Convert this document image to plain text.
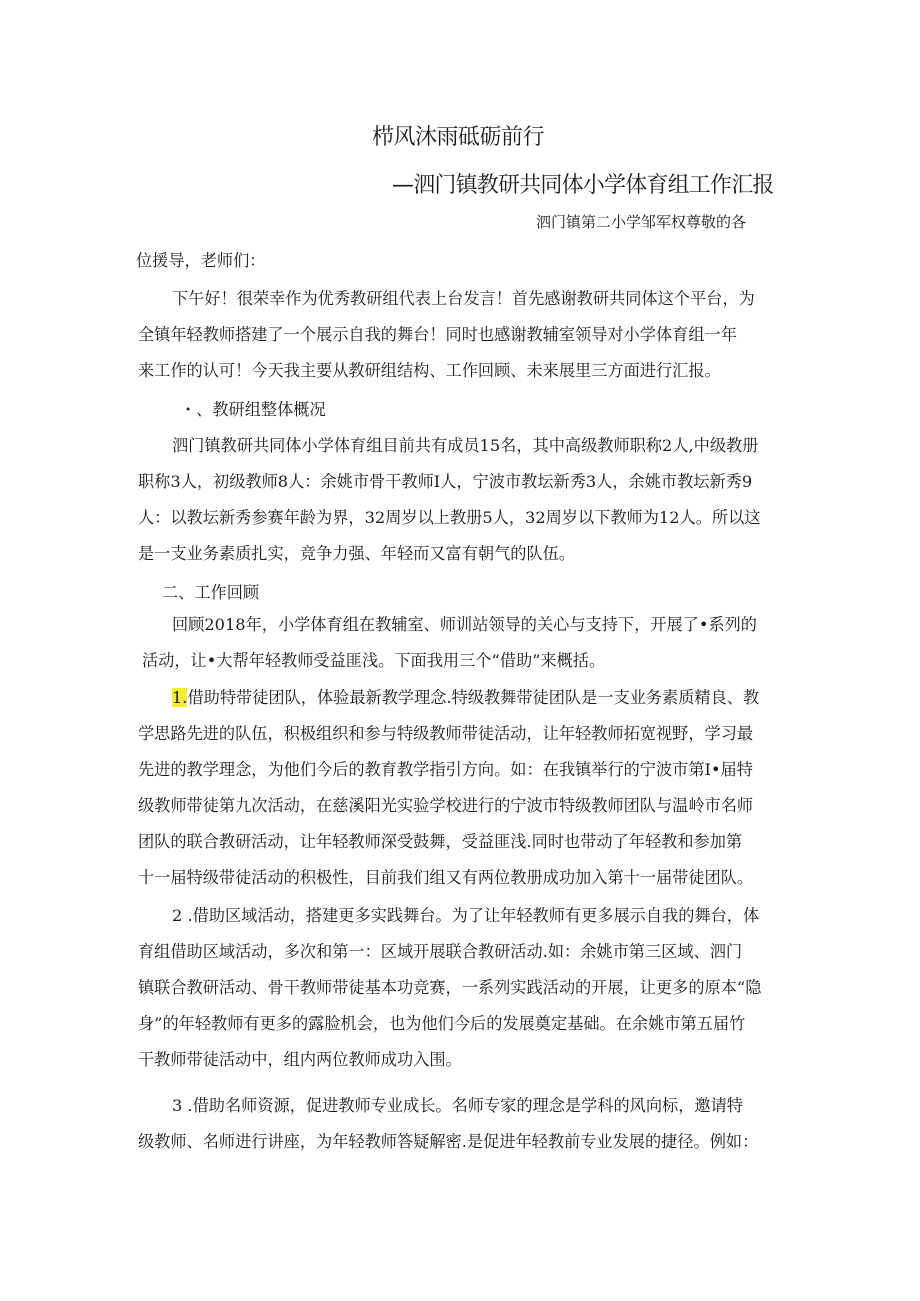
栉风沐雨砥砺前行
—泗门镇教研共同体小学体育组工作汇报
泗门镇第二小学邹军权尊敬的各
位援导，老师们：
下午好！很荣幸作为优秀教研组代表上台发言！首先感谢教研共同体这个平台，为
全镇年轻教师搭建了一个展示自我的舞台！同时也感谢教辅室领导对小学体育组一年
来工作的认可！今天我主要从教研组结构、工作回顾、未来展里三方面进行汇报。
・、教研组整体概况
泗门镇教研共同体小学体育组目前共有成员15名，其中高级教师职称2人,中级教册
职称3人，初级教师8人：余姚市骨干教师I人，宁波市教坛新秀3人，余姚市教坛新秀9
人：以教坛新秀参赛年龄为界，32周岁以上教册5人，32周岁以下教师为12人。所以这
是一支业务素质扎实，竞争力强、年轻而又富有朝气的队伍。
二、工作回顾
回顾2018年，小学体育组在教辅室、师训站领导的关心与支持下，开展了•系列的
活动，让•大帮年轻教师受益匪浅。下面我用三个“借助”来概括。
1.借助特带徒团队，体验最新教学理念.特级教舞带徒团队是一支业务素质精良、教
学思路先进的队伍，积极组织和参与特级教师带徒活动，让年轻教师拓宽视野，学习最
先进的教学理念，为他们今后的教育教学指引方向。如：在我镇举行的宁波市第I•届特
级教师带徒第九次活动，在慈溪阳光实验学校进行的宁波市特级教师团队与温岭市名师
团队的联合教研活动，让年轻教师深受鼓舞，受益匪浅.同时也带动了年轻教和参加第
十一届特级带徒活动的积极性，目前我们组又有两位教册成功加入第十一届带徒团队。
2 .借助区域活动，搭建更多实践舞台。为了让年轻教师有更多展示自我的舞台，体
育组借助区域活动，多次和第一：区域开展联合教研活动.如：余姚市第三区域、泗门
镇联合教研活动、骨干教师带徒基本功竞赛，一系列实践活动的开展，让更多的原本“隐
身”的年轻教师有更多的露脸机会，也为他们今后的发展奠定基础。在余姚市第五届竹
干教师带徒活动中，组内两位教师成功入围。
3 .借助名师资源，促进教师专业成长。名师专家的理念是学科的风向标，邀请特
级教师、名师进行讲座，为年轻教师答疑解密.是促进年轻教前专业发展的捷径。例如：
